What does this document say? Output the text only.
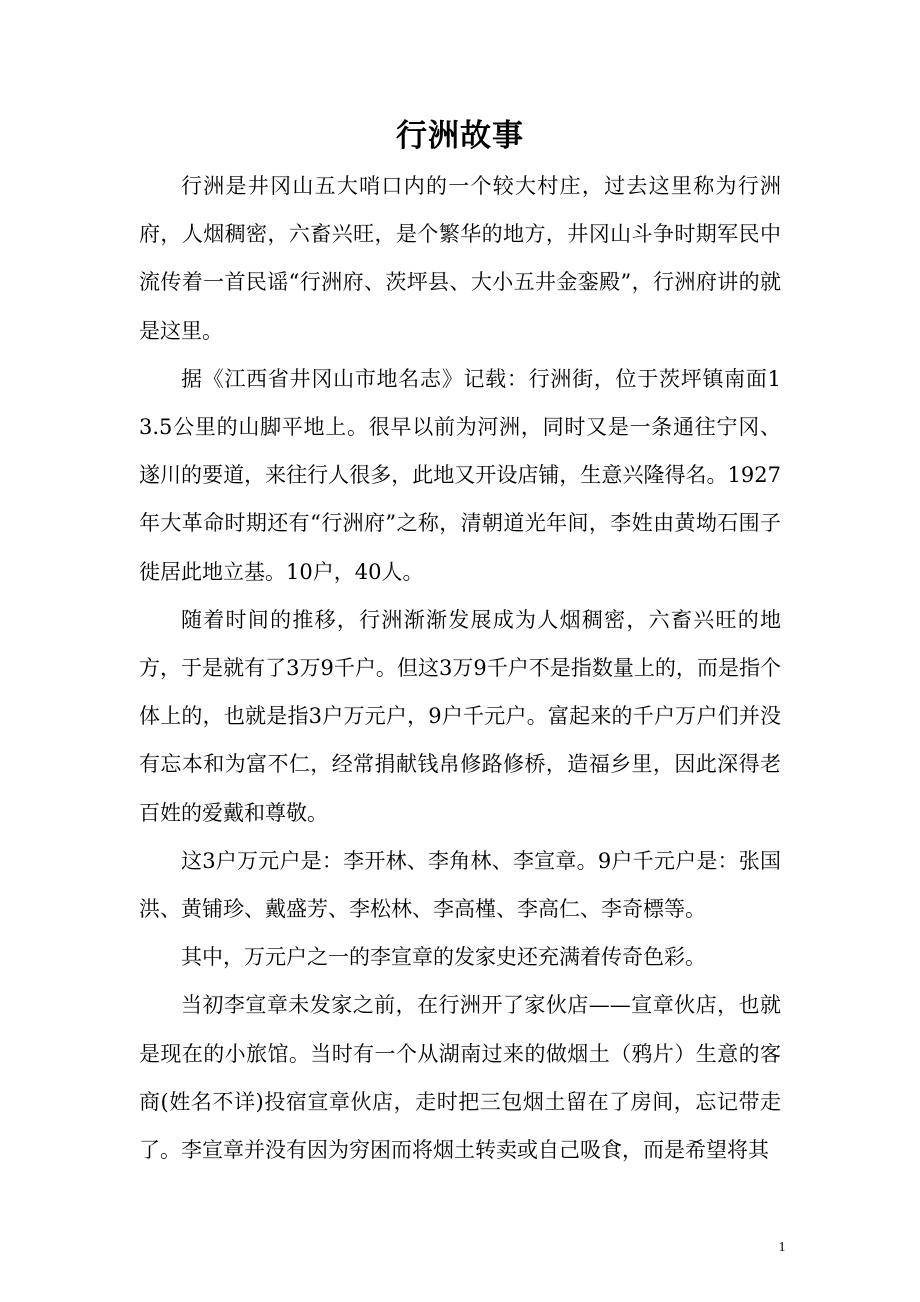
行洲故事

行洲是井冈山五大哨口内的一个较大村庄，过去这里称为行洲府，人烟稠密，六畜兴旺，是个繁华的地方，井冈山斗争时期军民中流传着一首民谣“行洲府、茨坪县、大小五井金銮殿”，行洲府讲的就是这里。

据《江西省井冈山市地名志》记载：行洲街，位于茨坪镇南面13.5公里的山脚平地上。很早以前为河洲，同时又是一条通往宁冈、遂川的要道，来往行人很多，此地又开设店铺，生意兴隆得名。1927年大革命时期还有“行洲府”之称，清朝道光年间，李姓由黄坳石围子徙居此地立基。10户，40人。

随着时间的推移，行洲渐渐发展成为人烟稠密，六畜兴旺的地方，于是就有了3万9千户。但这3万9千户不是指数量上的，而是指个体上的，也就是指3户万元户，9户千元户。富起来的千户万户们并没有忘本和为富不仁，经常捐献钱帛修路修桥，造福乡里，因此深得老百姓的爱戴和尊敬。

这3户万元户是：李开林、李角林、李宣章。9户千元户是：张国洪、黄铺珍、戴盛芳、李松林、李高槿、李高仁、李奇標等。

其中，万元户之一的李宣章的发家史还充满着传奇色彩。

当初李宣章未发家之前，在行洲开了家伙店——宣章伙店，也就是现在的小旅馆。当时有一个从湖南过来的做烟土（鸦片）生意的客商(姓名不详)投宿宣章伙店，走时把三包烟土留在了房间，忘记带走了。李宣章并没有因为穷困而将烟土转卖或自己吸食，而是希望将其

1
